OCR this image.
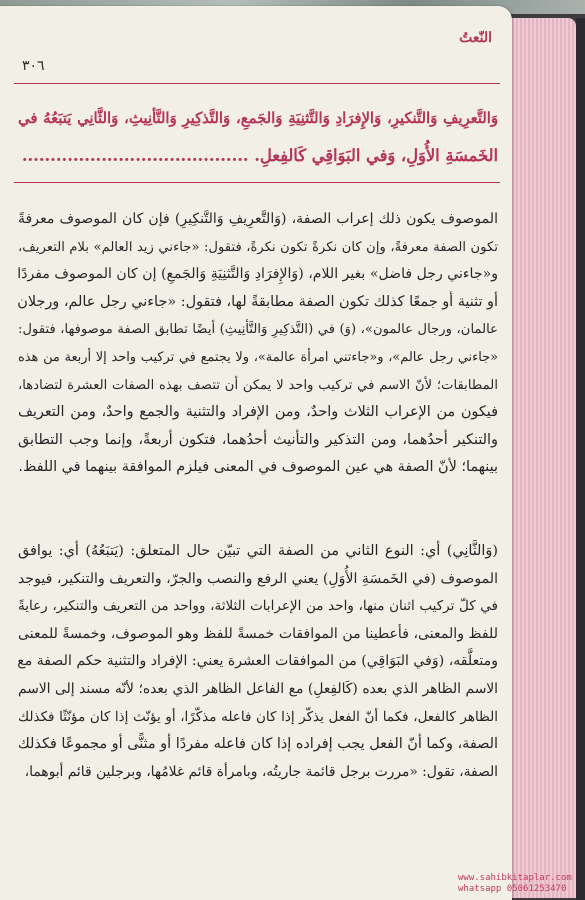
النّعتُ
٣٠٦
وَالتَّعرِيفِ وَالتَّنكيرِ، وَالإِفرَادِ وَالتَّثنِيَةِ وَالجَمعِ، وَالتَّذكِيرِ وَالتَّأنِيثِ، وَالثَّانِي يَتبَعُهُ في
الخَمسَةِ الأُوَلِ، وَفي البَوَاقِي كَالفِعلِ. ........................................
الموصوف يكون ذلك إعراب الصفة، (وَالتَّعرِيفِ وَالتَّنكِيرِ) فإن كان الموصوف معرفةً
تكون الصفة معرفةً، وإن كان نكرةً تكون نكرةً، فتقول: «جاءني زيد العالم» بلام التعريف،
و«جاءني رجل فاضل» بغير اللام، (وَالإِفرَادِ وَالتَّثنِيَةِ وَالجَمعِ) إن كان الموصوف مفردًا
أو تثنية أو جمعًا كذلك تكون الصفة مطابقةً لها، فتقول: «جاءني رجل عالم، ورجلان
عالمان، ورجال عالمون»، (وَ) في (التَّذكِيرِ وَالتَّأنِيثِ) أيضًا تطابق الصفة موصوفها، فتقول:
«جاءني رجل عالم»، و«جاءتني امرأة عالمة»، ولا يجتمع في تركيب واحد إلا أربعة من هذه
المطابقات؛ لأنّ الاسم في تركيب واحد لا يمكن أن تتصف بهذه الصفات العشرة لتضادها،
فيكون من الإعراب الثلاث واحدٌ، ومن الإفراد والتثنية والجمع واحدٌ، ومن التعريف
والتنكير أحدُهما، ومن التذكير والتأنيث أحدُهما، فتكون أربعةً، وإنما وجب التطابق
بينهما؛ لأنّ الصفة هي عين الموصوف في المعنى فيلزم الموافقة بينهما في اللفظ.
(وَالثَّانِي) أي: النوع الثاني من الصفة التي تبيّن حال المتعلق: (يَتبَعُهُ) أي: يوافق
الموصوف (في الخَمسَةِ الأُوَلِ) يعني الرفع والنصب والجرّ، والتعريف والتنكير، فيوجد
في كلّ تركيب اثنان منها، واحد من الإعرابات الثلاثة، وواحد من التعريف والتنكير، رعايةً
للفظ والمعنى، فأعطينا من الموافقات خمسةً للفظ وهو الموصوف، وخمسةً للمعنى
ومتعلَّقه، (وَفي البَوَاقِي) من الموافقات العشرة يعني: الإفراد والتثنية حكم الصفة مع
الاسم الظاهر الذي بعده (كَالفِعلِ) مع الفاعل الظاهر الذي بعده؛ لأنّه مسند إلى الاسم
الظاهر كالفعل، فكما أنّ الفعل يذكّر إذا كان فاعله مذكّرًا، أو يؤنّث إذا كان مؤنّثًا فكذلك
الصفة، وكما أنّ الفعل يجب إفراده إذا كان فاعله مفردًا أو مثنًّى أو مجموعًا فكذلك
الصفة، تقول: «مررت برجل قائمة جاريتُه، وبامرأة قائم غلامُها، وبرجلين قائم أبوهما،
www.sahibkitaplar.com
whatsapp 05061253470
